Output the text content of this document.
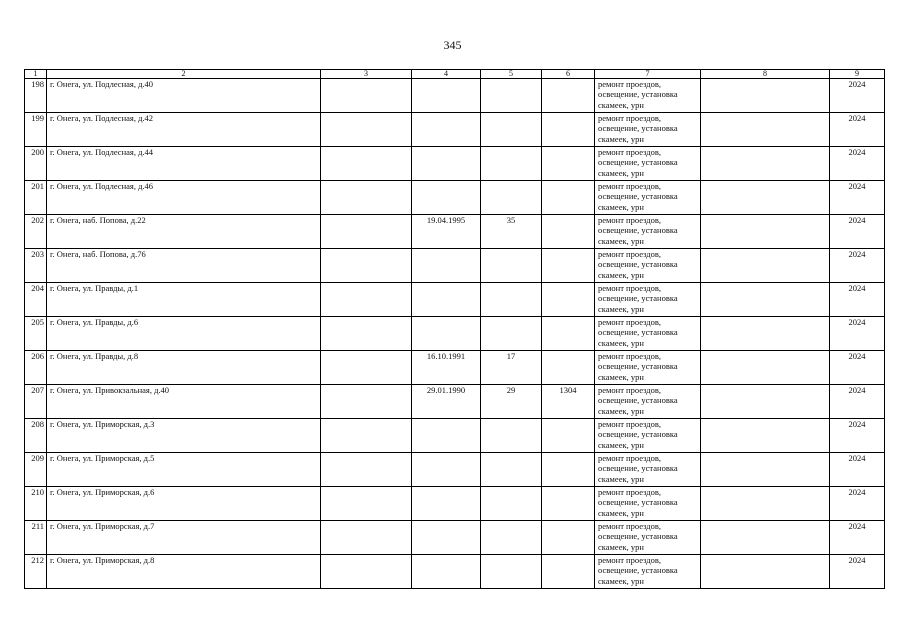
345
1	2	3	4	5	6	7	8	9
198	г. Онега, ул. Подлесная, д.40					ремонт проездов,
освещение, установка
скамеек, урн		2024
199	г. Онега, ул. Подлесная, д.42					ремонт проездов,
освещение, установка
скамеек, урн		2024
200	г. Онега, ул. Подлесная, д.44					ремонт проездов,
освещение, установка
скамеек, урн		2024
201	г. Онега, ул. Подлесная, д.46					ремонт проездов,
освещение, установка
скамеек, урн		2024
202	г. Онега, наб. Попова, д.22		19.04.1995	35		ремонт проездов,
освещение, установка
скамеек, урн		2024
203	г. Онега, наб. Попова, д.76					ремонт проездов,
освещение, установка
скамеек, урн		2024
204	г. Онега, ул. Правды, д.1					ремонт проездов,
освещение, установка
скамеек, урн		2024
205	г. Онега, ул. Правды, д.6					ремонт проездов,
освещение, установка
скамеек, урн		2024
206	г. Онега, ул. Правды, д.8		16.10.1991	17		ремонт проездов,
освещение, установка
скамеек, урн		2024
207	г. Онега, ул. Привокзальная, д.40		29.01.1990	29	1304	ремонт проездов,
освещение, установка
скамеек, урн		2024
208	г. Онега, ул. Приморская, д.3					ремонт проездов,
освещение, установка
скамеек, урн		2024
209	г. Онега, ул. Приморская, д.5					ремонт проездов,
освещение, установка
скамеек, урн		2024
210	г. Онега, ул. Приморская, д.6					ремонт проездов,
освещение, установка
скамеек, урн		2024
211	г. Онега, ул. Приморская, д.7					ремонт проездов,
освещение, установка
скамеек, урн		2024
212	г. Онега, ул. Приморская, д.8					ремонт проездов,
освещение, установка
скамеек, урн		2024
